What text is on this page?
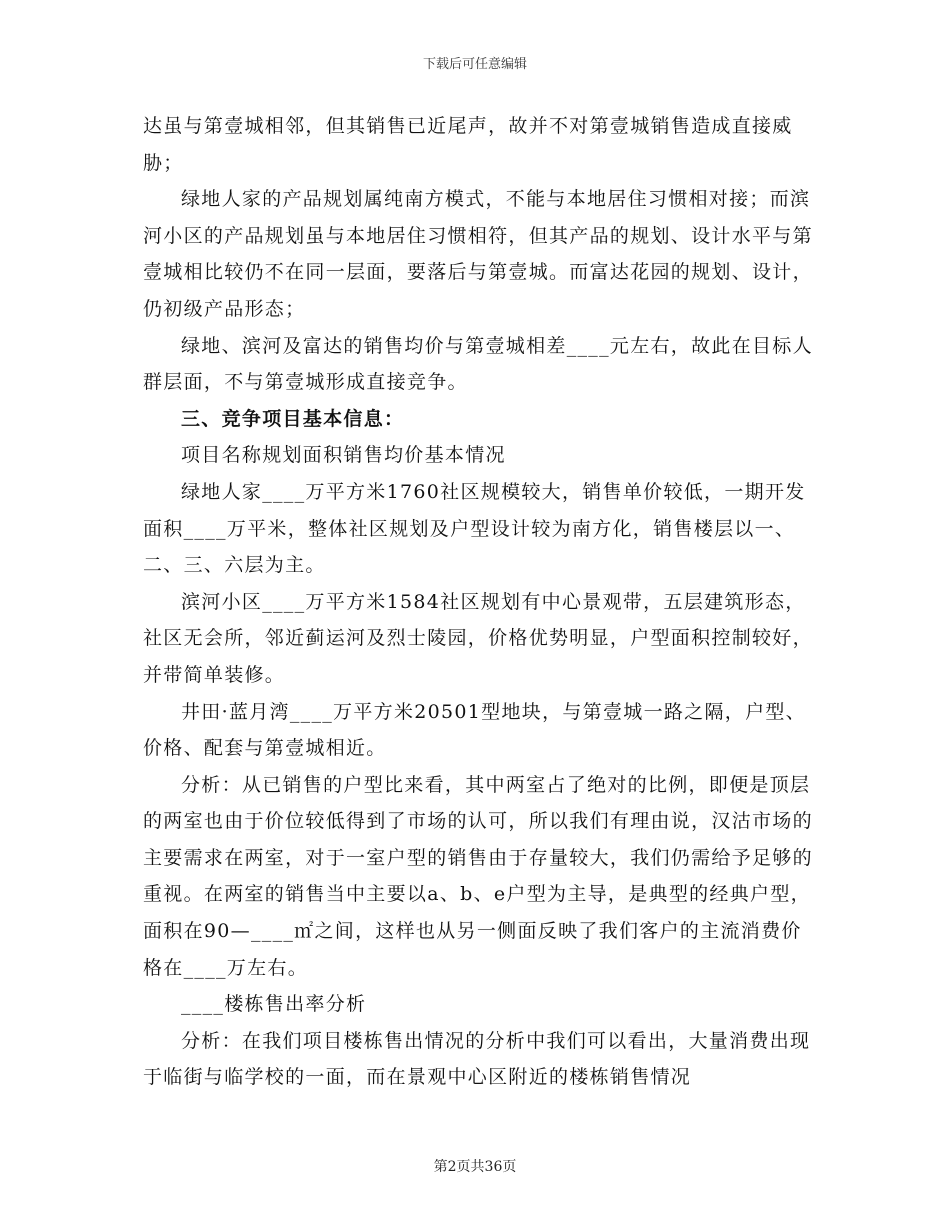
下载后可任意编辑

达虽与第壹城相邻，但其销售已近尾声，故并不对第壹城销售造成直接威胁；

绿地人家的产品规划属纯南方模式，不能与本地居住习惯相对接；而滨河小区的产品规划虽与本地居住习惯相符，但其产品的规划、设计水平与第壹城相比较仍不在同一层面，要落后与第壹城。而富达花园的规划、设计，仍初级产品形态；

绿地、滨河及富达的销售均价与第壹城相差____元左右，故此在目标人群层面，不与第壹城形成直接竞争。

三、竞争项目基本信息：

项目名称规划面积销售均价基本情况

绿地人家____万平方米1760社区规模较大，销售单价较低，一期开发面积____万平米，整体社区规划及户型设计较为南方化，销售楼层以一、二、三、六层为主。

滨河小区____万平方米1584社区规划有中心景观带，五层建筑形态，社区无会所，邻近蓟运河及烈士陵园，价格优势明显，户型面积控制较好，并带简单装修。

井田·蓝月湾____万平方米20501型地块，与第壹城一路之隔，户型、价格、配套与第壹城相近。

分析：从已销售的户型比来看，其中两室占了绝对的比例，即便是顶层的两室也由于价位较低得到了市场的认可，所以我们有理由说，汉沽市场的主要需求在两室，对于一室户型的销售由于存量较大，我们仍需给予足够的重视。在两室的销售当中主要以a、b、e户型为主导，是典型的经典户型，面积在90—____㎡之间，这样也从另一侧面反映了我们客户的主流消费价格在____万左右。

____楼栋售出率分析

分析：在我们项目楼栋售出情况的分析中我们可以看出，大量消费出现于临街与临学校的一面，而在景观中心区附近的楼栋销售情况

第2页共36页
